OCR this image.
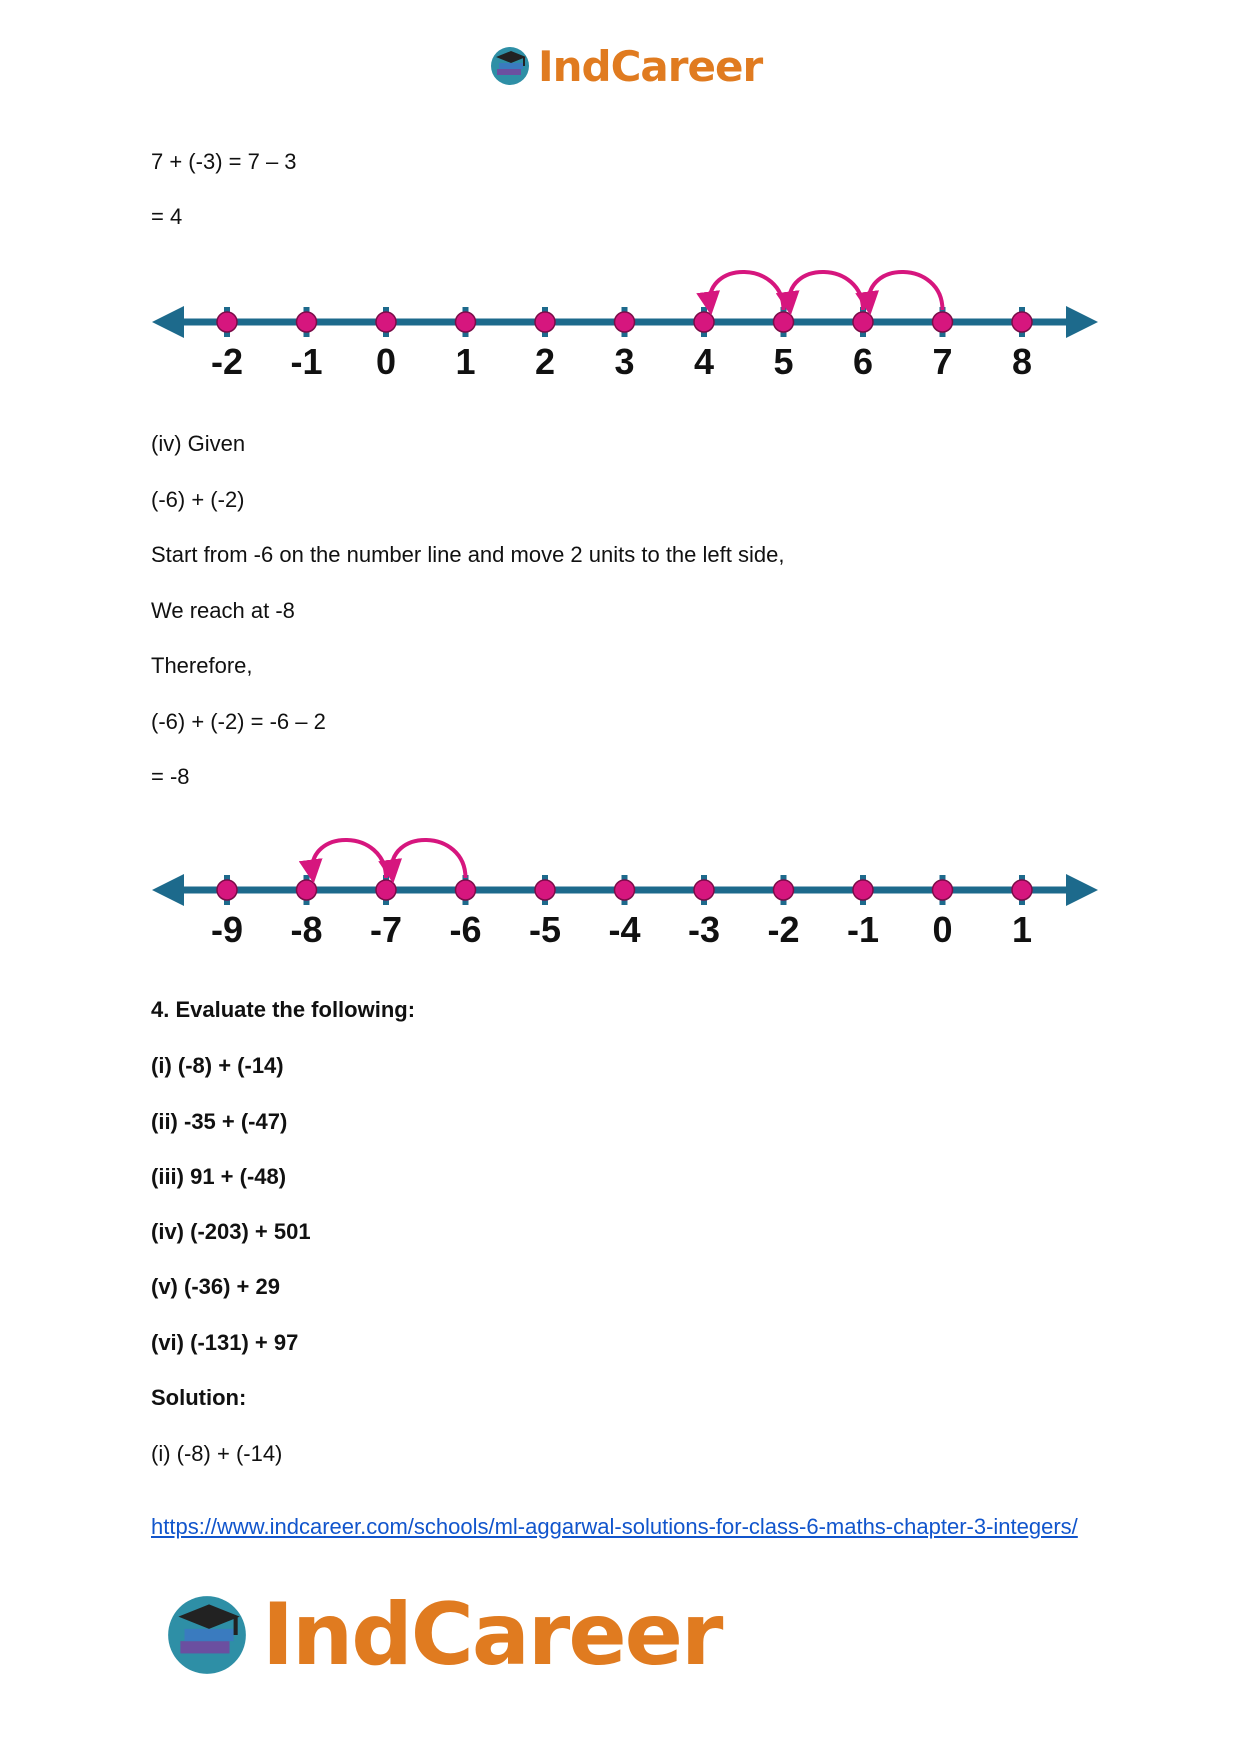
IndCareer

7 + (-3) = 7 – 3

= 4

-2 -1 0 1 2 3 4 5 6 7 8

(iv) Given

(-6) + (-2)

Start from -6 on the number line and move 2 units to the left side,

We reach at -8

Therefore,

(-6) + (-2) = -6 – 2

= -8

-9 -8 -7 -6 -5 -4 -3 -2 -1 0 1

4. Evaluate the following:

(i) (-8) + (-14)

(ii) -35 + (-47)

(iii) 91 + (-48)

(iv) (-203) + 501

(v) (-36) + 29

(vi) (-131) + 97

Solution:

(i) (-8) + (-14)

https://www.indcareer.com/schools/ml-aggarwal-solutions-for-class-6-maths-chapter-3-integers/
IndCareer
